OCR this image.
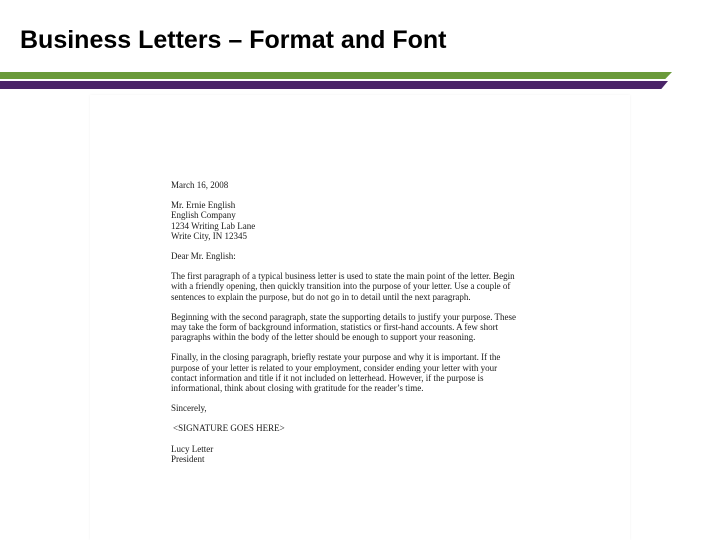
Business Letters – Format and Font
March 16, 2008
Mr. Ernie English
English Company
1234 Writing Lab Lane
Write City, IN 12345
Dear Mr. English:
The first paragraph of a typical business letter is used to state the main point of the letter. Begin
with a friendly opening, then quickly transition into the purpose of your letter. Use a couple of
sentences to explain the purpose, but do not go in to detail until the next paragraph.
Beginning with the second paragraph, state the supporting details to justify your purpose. These
may take the form of background information, statistics or first-hand accounts. A few short
paragraphs within the body of the letter should be enough to support your reasoning.
Finally, in the closing paragraph, briefly restate your purpose and why it is important. If the
purpose of your letter is related to your employment, consider ending your letter with your
contact information and title if it not included on letterhead. However, if the purpose is
informational, think about closing with gratitude for the reader’s time.
Sincerely,
<SIGNATURE GOES HERE>
Lucy Letter
President
